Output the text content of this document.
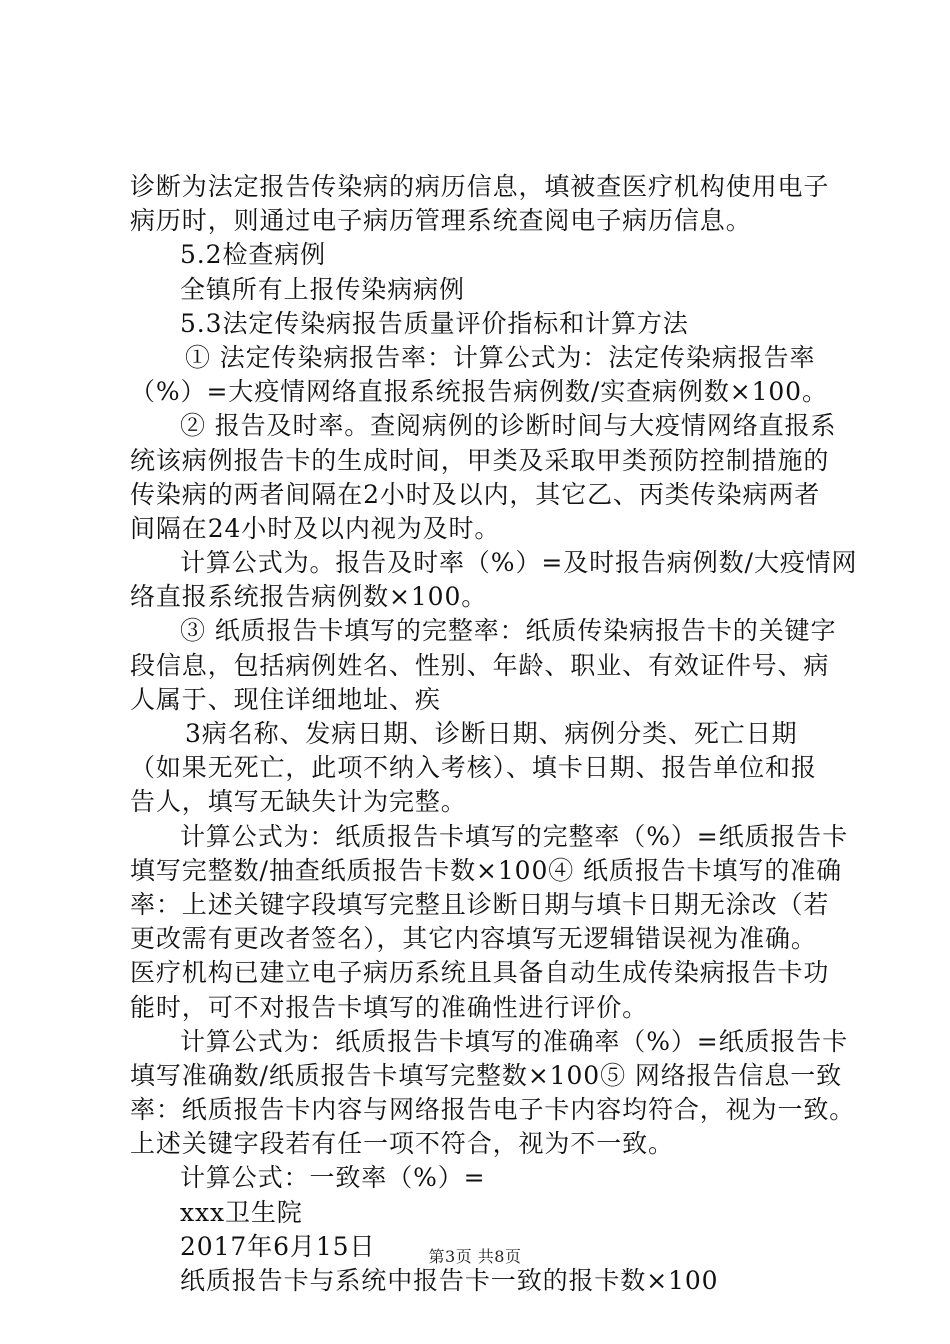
诊断为法定报告传染病的病历信息，填被查医疗机构使用电子
病历时，则通过电子病历管理系统查阅电子病历信息。
5.2检查病例
全镇所有上报传染病病例
5.3法定传染病报告质量评价指标和计算方法
① 法定传染病报告率：计算公式为：法定传染病报告率
（%）=大疫情网络直报系统报告病例数/实查病例数×100。
② 报告及时率。查阅病例的诊断时间与大疫情网络直报系
统该病例报告卡的生成时间，甲类及采取甲类预防控制措施的
传染病的两者间隔在2小时及以内，其它乙、丙类传染病两者
间隔在24小时及以内视为及时。
计算公式为。报告及时率（%）=及时报告病例数/大疫情网
络直报系统报告病例数×100。
③ 纸质报告卡填写的完整率：纸质传染病报告卡的关键字
段信息，包括病例姓名、性别、年龄、职业、有效证件号、病
人属于、现住详细地址、疾
3病名称、发病日期、诊断日期、病例分类、死亡日期
（如果无死亡，此项不纳入考核）、填卡日期、报告单位和报
告人，填写无缺失计为完整。
计算公式为：纸质报告卡填写的完整率（%）=纸质报告卡
填写完整数/抽查纸质报告卡数×100④ 纸质报告卡填写的准确
率：上述关键字段填写完整且诊断日期与填卡日期无涂改（若
更改需有更改者签名），其它内容填写无逻辑错误视为准确。
医疗机构已建立电子病历系统且具备自动生成传染病报告卡功
能时，可不对报告卡填写的准确性进行评价。
计算公式为：纸质报告卡填写的准确率（%）=纸质报告卡
填写准确数/纸质报告卡填写完整数×100⑤ 网络报告信息一致
率：纸质报告卡内容与网络报告电子卡内容均符合，视为一致。
上述关键字段若有任一项不符合，视为不一致。
计算公式：一致率（%）=
xxx卫生院
2017年6月15日
纸质报告卡与系统中报告卡一致的报卡数×100
第3页 共8页
